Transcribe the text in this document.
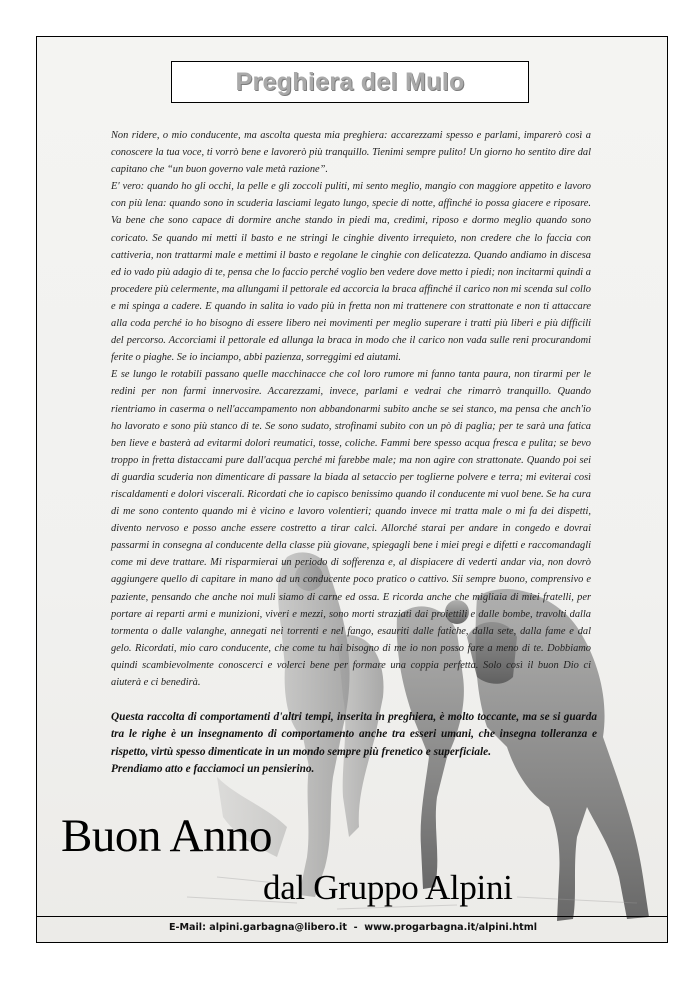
Preghiera del Mulo

Non ridere, o mio conducente, ma ascolta questa mia preghiera: accarezzami spesso e parlami, imparerò così a conoscere la tua voce, ti vorrò bene e lavorerò più tranquillo. Tienimi sempre pulito! Un giorno ho sentito dire dal capitano che “un buon governo vale metà razione”.

E' vero: quando ho gli occhi, la pelle e gli zoccoli puliti, mi sento meglio, mangio con maggiore appetito e lavoro con più lena: quando sono in scuderia lasciami legato lungo, specie di notte, affinché io possa giacere e riposare. Va bene che sono capace di dormire anche stando in piedi ma, credimi, riposo e dormo meglio quando sono coricato. Se quando mi metti il basto e ne stringi le cinghie divento irrequieto, non credere che lo faccia con cattiveria, non trattarmi male e mettimi il basto e regolane le cinghie con delicatezza. Quando andiamo in discesa ed io vado più adagio di te, pensa che lo faccio perché voglio ben vedere dove metto i piedi; non incitarmi quindi a procedere più celermente, ma allungami il pettorale ed accorcia la braca affinché il carico non mi scenda sul collo e mi spinga a cadere. E quando in salita io vado più in fretta non mi trattenere con strattonate e non ti attaccare alla coda perché io ho bisogno di essere libero nei movimenti per meglio superare i tratti più liberi e più difficili del percorso. Accorciami il pettorale ed allunga la braca in modo che il carico non vada sulle reni procurandomi ferite o piaghe. Se io inciampo, abbi pazienza, sorreggimi ed aiutami.

E se lungo le rotabili passano quelle macchinacce che col loro rumore mi fanno tanta paura, non tirarmi per le redini per non farmi innervosire. Accarezzami, invece, parlami e vedrai che rimarrò tranquillo. Quando rientriamo in caserma o nell'accampamento non abbandonarmi subito anche se sei stanco, ma pensa che anch'io ho lavorato e sono più stanco di te. Se sono sudato, strofinami subito con un pò di paglia; per te sarà una fatica ben lieve e basterà ad evitarmi dolori reumatici, tosse, coliche. Fammi bere spesso acqua fresca e pulita; se bevo troppo in fretta distaccami pure dall'acqua perché mi farebbe male; ma non agire con strattonate. Quando poi sei di guardia scuderia non dimenticare di passare la biada al setaccio per toglierne polvere e terra; mi eviterai così riscaldamenti e dolori viscerali. Ricordati che io capisco benissimo quando il conducente mi vuol bene. Se ha cura di me sono contento quando mi è vicino e lavoro volentieri; quando invece mi tratta male o mi fa dei dispetti, divento nervoso e posso anche essere costretto a tirar calci. Allorché starai per andare in congedo e dovrai passarmi in consegna al conducente della classe più giovane, spiegagli bene i miei pregi e difetti e raccomandagli come mi deve trattare. Mi risparmierai un periodo di sofferenza e, al dispiacere di vederti andar via, non dovrò aggiungere quello di capitare in mano ad un conducente poco pratico o cattivo. Sii sempre buono, comprensivo e paziente, pensando che anche noi muli siamo di carne ed ossa. E ricorda anche che migliaia di miei fratelli, per portare ai reparti armi e munizioni, viveri e mezzi, sono morti straziati dai proiettili e dalle bombe, travolti dalla tormenta o dalle valanghe, annegati nei torrenti e nel fango, esauriti dalle fatiche, dalla sete, dalla fame e dal gelo. Ricordati, mio caro conducente, che come tu hai bisogno di me io non posso fare a meno di te. Dobbiamo quindi scambievolmente conoscerci e volerci bene per formare una coppia perfetta. Solo così il buon Dio ci aiuterà e ci benedirà.

Questa raccolta di comportamenti d'altri tempi, inserita in preghiera, è molto toccante, ma se si guarda tra le righe è un insegnamento di comportamento anche tra esseri umani, che insegna tolleranza e rispetto, virtù spesso dimenticate in un mondo sempre più frenetico e superficiale.

Prendiamo atto e facciamoci un pensierino.

Buon Anno
dal Gruppo Alpini
E-Mail: alpini.garbagna@libero.it  -  www.progarbagna.it/alpini.html
